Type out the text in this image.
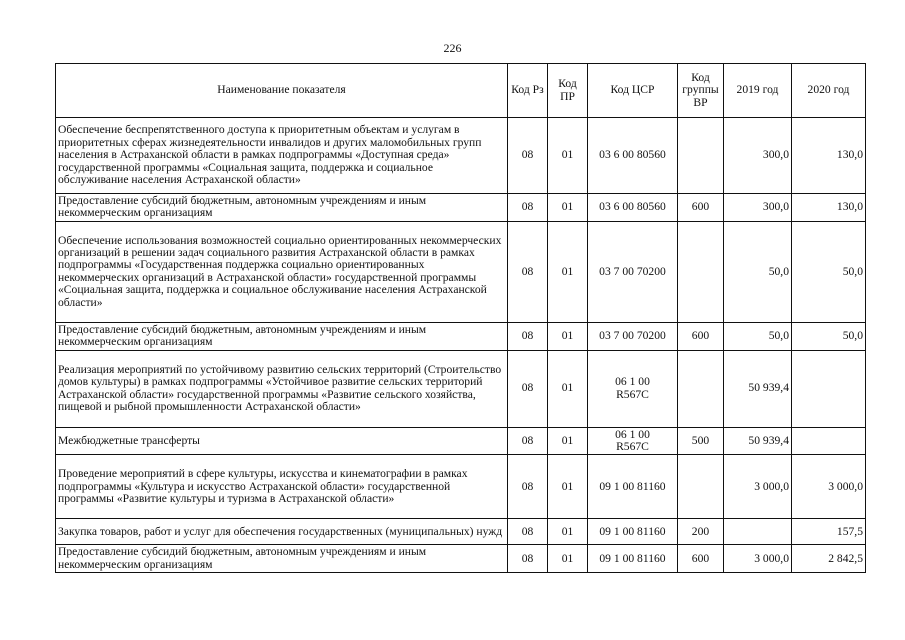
226
Наименование показателя	Код Рз	Код ПР	Код ЦСР	Код группы ВР	2019 год	2020 год
Обеспечение беспрепятственного доступа к приоритетным объектам и услугам в приоритетных сферах жизнедеятельности инвалидов и других маломобильных групп населения в Астраханской области в рамках подпрограммы «Доступная среда» государственной программы «Социальная защита, поддержка и социальное обслуживание населения Астраханской области»	08	01	03 6 00 80560		300,0	130,0
Предоставление субсидий бюджетным, автономным учреждениям и иным некоммерческим организациям	08	01	03 6 00 80560	600	300,0	130,0
Обеспечение использования возможностей социально ориентированных некоммерческих организаций в решении задач социального развития Астраханской области в рамках подпрограммы «Государственная поддержка социально ориентированных некоммерческих организаций в Астраханской области» государственной программы «Социальная защита, поддержка и социальное обслуживание населения Астраханской области»	08	01	03 7 00 70200		50,0	50,0
Предоставление субсидий бюджетным, автономным учреждениям и иным некоммерческим организациям	08	01	03 7 00 70200	600	50,0	50,0
Реализация мероприятий по устойчивому развитию сельских территорий (Строительство домов культуры) в рамках подпрограммы «Устойчивое развитие сельских территорий Астраханской области» государственной программы «Развитие сельского хозяйства, пищевой и рыбной промышленности Астраханской области»	08	01	06 1 00 R567C		50 939,4	
Межбюджетные трансферты	08	01	06 1 00 R567C	500	50 939,4	
Проведение мероприятий в сфере культуры, искусства и кинематографии в рамках подпрограммы «Культура и искусство Астраханской области» государственной программы «Развитие культуры и туризма в Астраханской области»	08	01	09 1 00 81160		3 000,0	3 000,0
Закупка товаров, работ и услуг для обеспечения государственных (муниципальных) нужд	08	01	09 1 00 81160	200		157,5
Предоставление субсидий бюджетным, автономным учреждениям и иным некоммерческим организациям	08	01	09 1 00 81160	600	3 000,0	2 842,5
